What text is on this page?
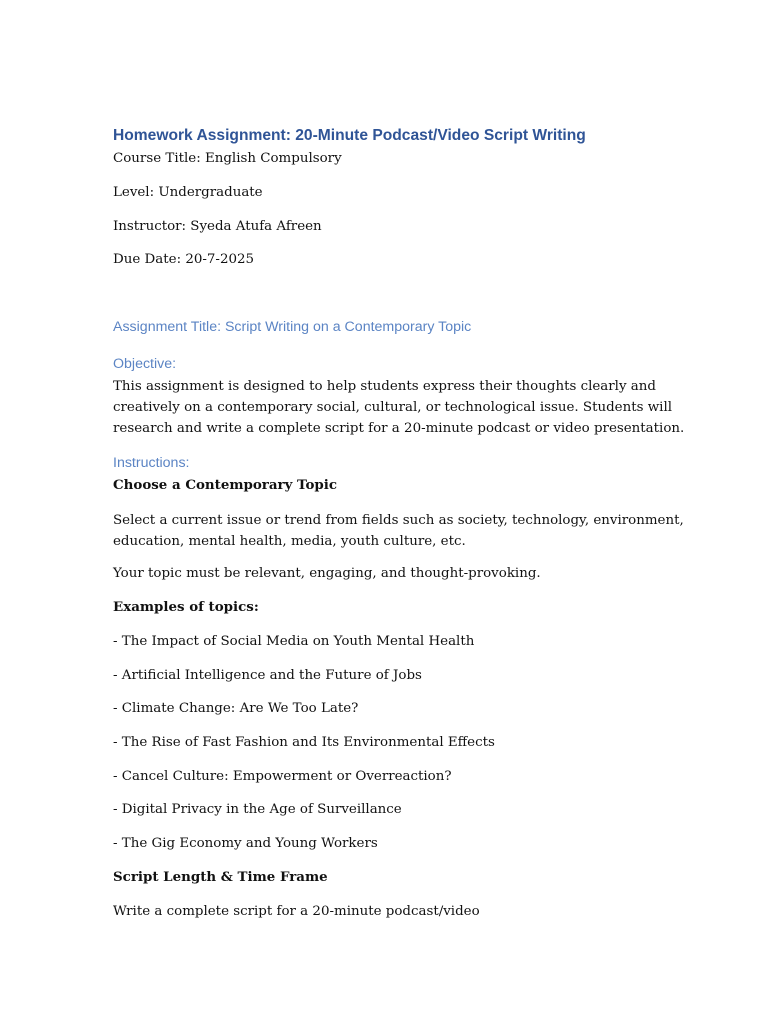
Homework Assignment: 20-Minute Podcast/Video Script Writing
Course Title: English Compulsory
Level: Undergraduate
Instructor: Syeda Atufa Afreen
Due Date: 20-7-2025
Assignment Title: Script Writing on a Contemporary Topic
Objective:
This assignment is designed to help students express their thoughts clearly and
creatively on a contemporary social, cultural, or technological issue. Students will
research and write a complete script for a 20-minute podcast or video presentation.
Instructions:
Choose a Contemporary Topic
Select a current issue or trend from fields such as society, technology, environment,
education, mental health, media, youth culture, etc.
Your topic must be relevant, engaging, and thought-provoking.
Examples of topics:
- The Impact of Social Media on Youth Mental Health
- Artificial Intelligence and the Future of Jobs
- Climate Change: Are We Too Late?
- The Rise of Fast Fashion and Its Environmental Effects
- Cancel Culture: Empowerment or Overreaction?
- Digital Privacy in the Age of Surveillance
- The Gig Economy and Young Workers
Script Length & Time Frame
Write a complete script for a 20-minute podcast/video
